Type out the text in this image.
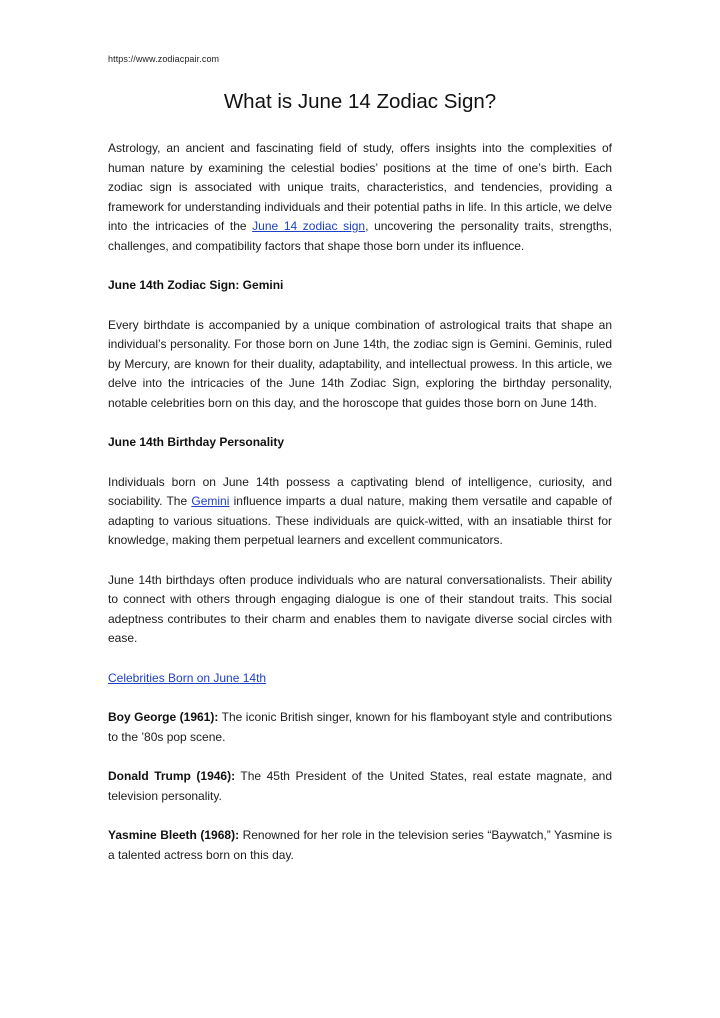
https://www.zodiacpair.com
What is June 14 Zodiac Sign?

Astrology, an ancient and fascinating field of study, offers insights into the complexities of human nature by examining the celestial bodies’ positions at the time of one’s birth. Each zodiac sign is associated with unique traits, characteristics, and tendencies, providing a framework for understanding individuals and their potential paths in life. In this article, we delve into the intricacies of the June 14 zodiac sign, uncovering the personality traits, strengths, challenges, and compatibility factors that shape those born under its influence.

June 14th Zodiac Sign: Gemini

Every birthdate is accompanied by a unique combination of astrological traits that shape an individual’s personality. For those born on June 14th, the zodiac sign is Gemini. Geminis, ruled by Mercury, are known for their duality, adaptability, and intellectual prowess. In this article, we delve into the intricacies of the June 14th Zodiac Sign, exploring the birthday personality, notable celebrities born on this day, and the horoscope that guides those born on June 14th.

June 14th Birthday Personality

Individuals born on June 14th possess a captivating blend of intelligence, curiosity, and sociability. The Gemini influence imparts a dual nature, making them versatile and capable of adapting to various situations. These individuals are quick-witted, with an insatiable thirst for knowledge, making them perpetual learners and excellent communicators.

June 14th birthdays often produce individuals who are natural conversationalists. Their ability to connect with others through engaging dialogue is one of their standout traits. This social adeptness contributes to their charm and enables them to navigate diverse social circles with ease.

Celebrities Born on June 14th

Boy George (1961): The iconic British singer, known for his flamboyant style and contributions to the ’80s pop scene.

Donald Trump (1946): The 45th President of the United States, real estate magnate, and television personality.

Yasmine Bleeth (1968): Renowned for her role in the television series “Baywatch,” Yasmine is a talented actress born on this day.
